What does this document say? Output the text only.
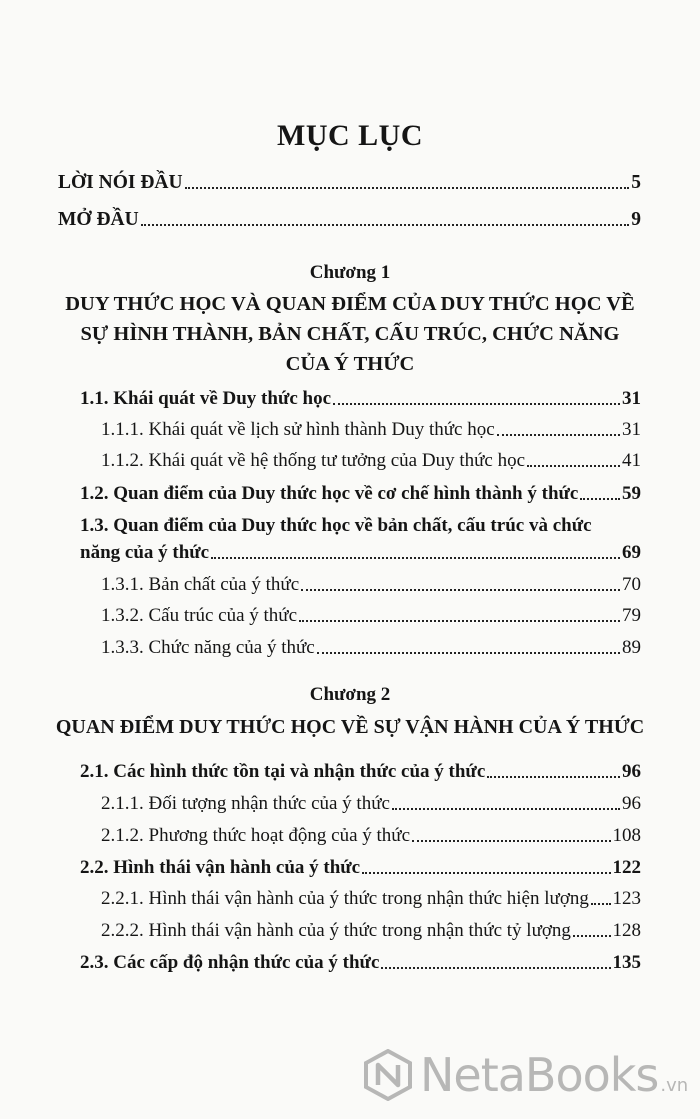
MỤC LỤC
LỜI NÓI ĐẦU	5
MỞ ĐẦU	9
Chương 1
DUY THỨC HỌC VÀ QUAN ĐIỂM CỦA DUY THỨC HỌC VỀ
SỰ HÌNH THÀNH, BẢN CHẤT, CẤU TRÚC, CHỨC NĂNG
CỦA Ý THỨC
1.1. Khái quát về Duy thức học	31
1.1.1. Khái quát về lịch sử hình thành Duy thức học	31
1.1.2. Khái quát về hệ thống tư tưởng của Duy thức học	41
1.2. Quan điểm của Duy thức học về cơ chế hình thành ý thức 59
1.3. Quan điểm của Duy thức học về bản chất, cấu trúc và chức
năng của ý thức	69
1.3.1. Bản chất của ý thức	70
1.3.2. Cấu trúc của ý thức	79
1.3.3. Chức năng của ý thức	89
Chương 2
QUAN ĐIỂM DUY THỨC HỌC VỀ SỰ VẬN HÀNH CỦA Ý THỨC
2.1. Các hình thức tồn tại và nhận thức của ý thức	96
2.1.1. Đối tượng nhận thức của ý thức	96
2.1.2. Phương thức hoạt động của ý thức	108
2.2. Hình thái vận hành của ý thức	122
2.2.1. Hình thái vận hành của ý thức trong nhận thức hiện lượng 123
2.2.2. Hình thái vận hành của ý thức trong nhận thức tỷ lượng 128
2.3. Các cấp độ nhận thức của ý thức	135
NetaBooks .vn
